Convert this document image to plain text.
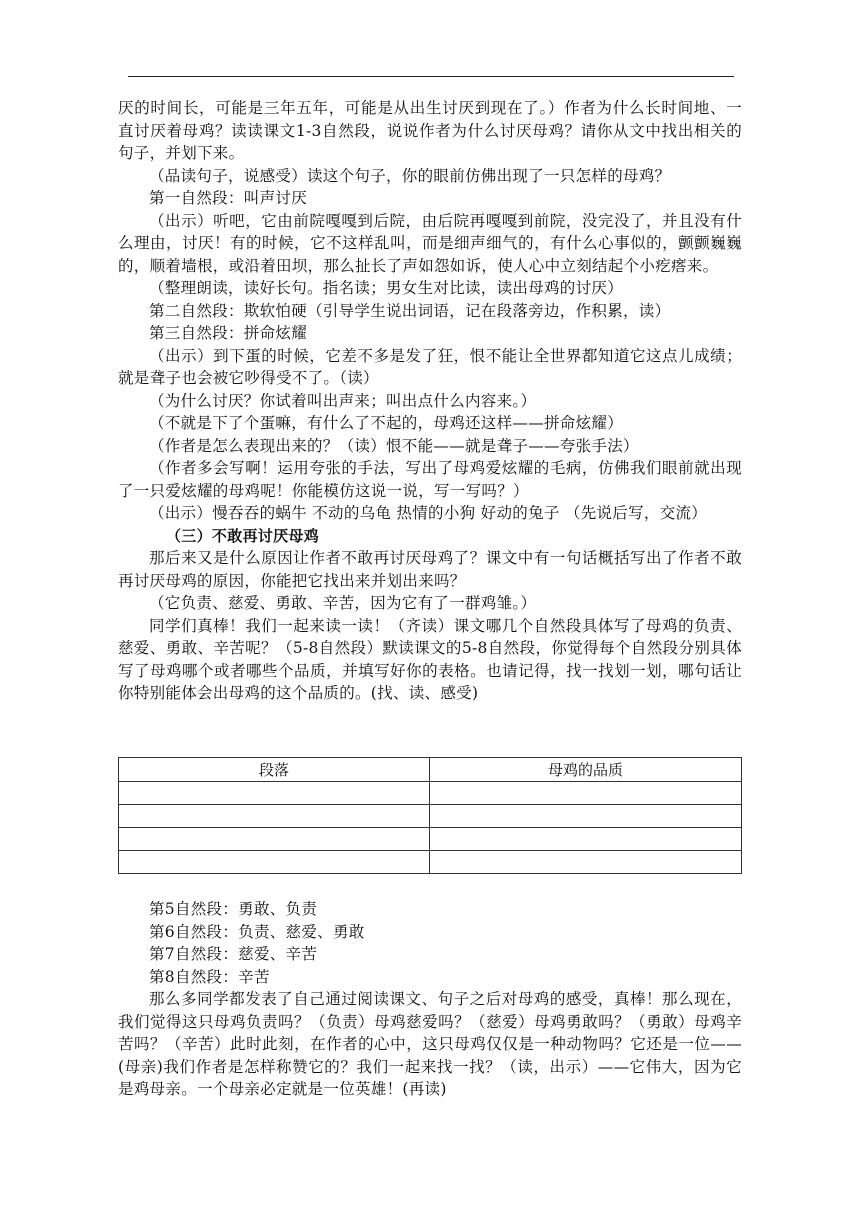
厌的时间长，可能是三年五年，可能是从出生讨厌到现在了。）作者为什么长时间地、一直讨厌着母鸡？读读课文1-3自然段，说说作者为什么讨厌母鸡？请你从文中找出相关的句子，并划下来。

（品读句子，说感受）读这个句子，你的眼前仿佛出现了一只怎样的母鸡？

第一自然段：叫声讨厌

（出示）听吧，它由前院嘎嘎到后院，由后院再嘎嘎到前院，没完没了，并且没有什么理由，讨厌！有的时候，它不这样乱叫，而是细声细气的，有什么心事似的，颤颤巍巍的，顺着墙根，或沿着田坝，那么扯长了声如怨如诉，使人心中立刻结起个小疙瘩来。

（整理朗读，读好长句。指名读；男女生对比读，读出母鸡的讨厌）

第二自然段：欺软怕硬（引导学生说出词语，记在段落旁边，作积累，读）

第三自然段：拼命炫耀

（出示）到下蛋的时候，它差不多是发了狂，恨不能让全世界都知道它这点儿成绩；就是聋子也会被它吵得受不了。（读）

（为什么讨厌？你试着叫出声来；叫出点什么内容来。）

（不就是下了个蛋嘛，有什么了不起的，母鸡还这样——拼命炫耀）

（作者是怎么表现出来的？（读）恨不能——就是聋子——夸张手法）

（作者多会写啊！运用夸张的手法，写出了母鸡爱炫耀的毛病，仿佛我们眼前就出现了一只爱炫耀的母鸡呢！你能模仿这说一说，写一写吗？）

（出示）慢吞吞的蜗牛 不动的乌龟 热情的小狗 好动的兔子 （先说后写，交流）

（三）不敢再讨厌母鸡

那后来又是什么原因让作者不敢再讨厌母鸡了？课文中有一句话概括写出了作者不敢再讨厌母鸡的原因，你能把它找出来并划出来吗？

（它负责、慈爱、勇敢、辛苦，因为它有了一群鸡雏。）

同学们真棒！我们一起来读一读！（齐读）课文哪几个自然段具体写了母鸡的负责、慈爱、勇敢、辛苦呢？（5-8自然段）默读课文的5-8自然段，你觉得每个自然段分别具体写了母鸡哪个或者哪些个品质，并填写好你的表格。也请记得，找一找划一划，哪句话让你特别能体会出母鸡的这个品质的。(找、读、感受)

段落	母鸡的品质

第5自然段：勇敢、负责

第6自然段：负责、慈爱、勇敢

第7自然段：慈爱、辛苦

第8自然段：辛苦

那么多同学都发表了自己通过阅读课文、句子之后对母鸡的感受，真棒！那么现在，我们觉得这只母鸡负责吗？（负责）母鸡慈爱吗？（慈爱）母鸡勇敢吗？（勇敢）母鸡辛苦吗？（辛苦）此时此刻，在作者的心中，这只母鸡仅仅是一种动物吗？它还是一位——(母亲)我们作者是怎样称赞它的？我们一起来找一找？（读，出示）——它伟大，因为它是鸡母亲。一个母亲必定就是一位英雄！(再读)
